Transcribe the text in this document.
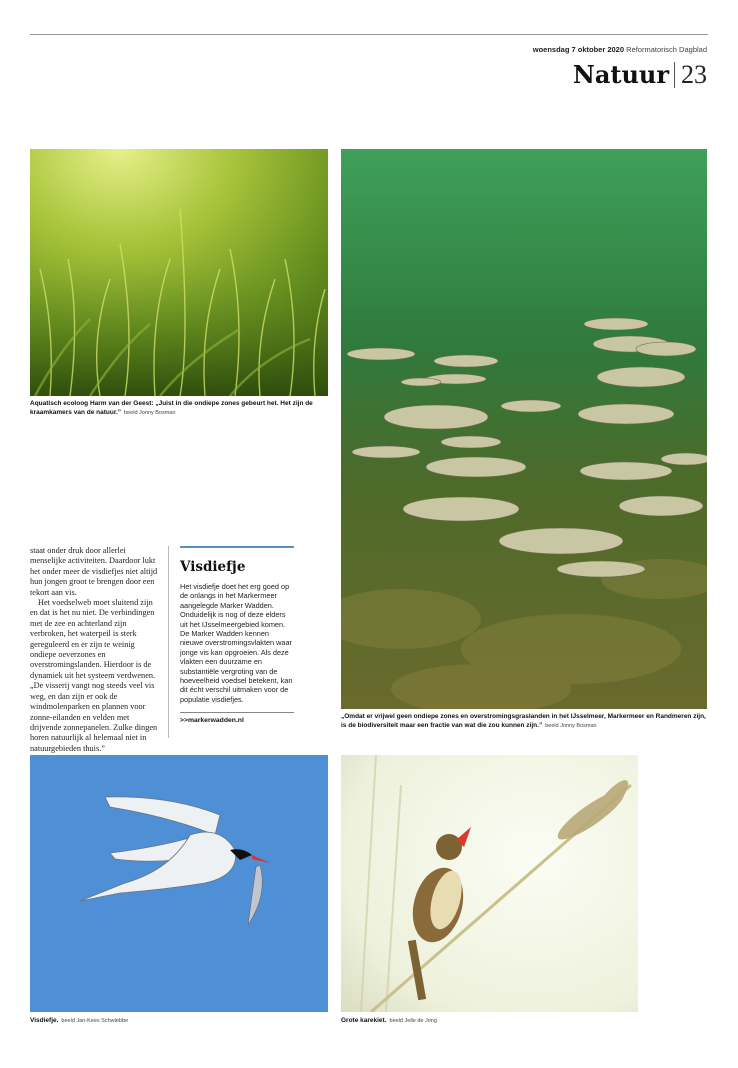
woensdag 7 oktober 2020 Reformatorisch Dagblad
Natuur 23
Aquatisch ecoloog Harm van der Geest: „Juist in die ondiepe zones gebeurt het. Het zijn de kraamkamers van de natuur.” beeld Jonny Bosman
„Omdat er vrijwel geen ondiepe zones en overstromingsgraslanden in het IJsselmeer, Markermeer en Randmeren zijn, is de biodiversiteit maar een fractie van wat die zou kunnen zijn.” beeld Jonny Bosman

staat onder druk door allerlei menselijke activiteiten. Daardoor lukt het onder meer de visdiefjes niet altijd hun jongen groot te brengen door een tekort aan vis.

Het voedselweb moet sluitend zijn en dat is het nu niet. De verbindingen met de zee en achterland zijn verbroken, het waterpeil is sterk gereguleerd en er zijn te weinig ondiepe oeverzones en overstromingslanden. Hierdoor is de dynamiek uit het systeem verdwenen. „De visserij vangt nog steeds veel vis weg, en dan zijn er ook de windmolenparken en plannen voor zonne-eilanden en velden met drijvende zonnepanelen. Zulke dingen horen natuurlijk al helemaal niet in natuurgebieden thuis.”

Visdiefje
Het visdiefje doet het erg goed op de onlangs in het Markermeer aangelegde Marker Wadden. Onduidelijk is nog of deze elders uit het IJsselmeergebied komen. De Marker Wadden kennen nieuwe overstromingsvlakten waar jonge vis kan opgroeien. Als deze vlakten een duurzame en substantiële vergroting van de hoeveelheid voedsel betekent, kan dit écht verschil uitmaken voor de populatie visdiefjes.
>>markerwadden.nl
Visdiefje. beeld Jan-Kees Schwiebbe	Grote karekiet. beeld Jelle de Jong
